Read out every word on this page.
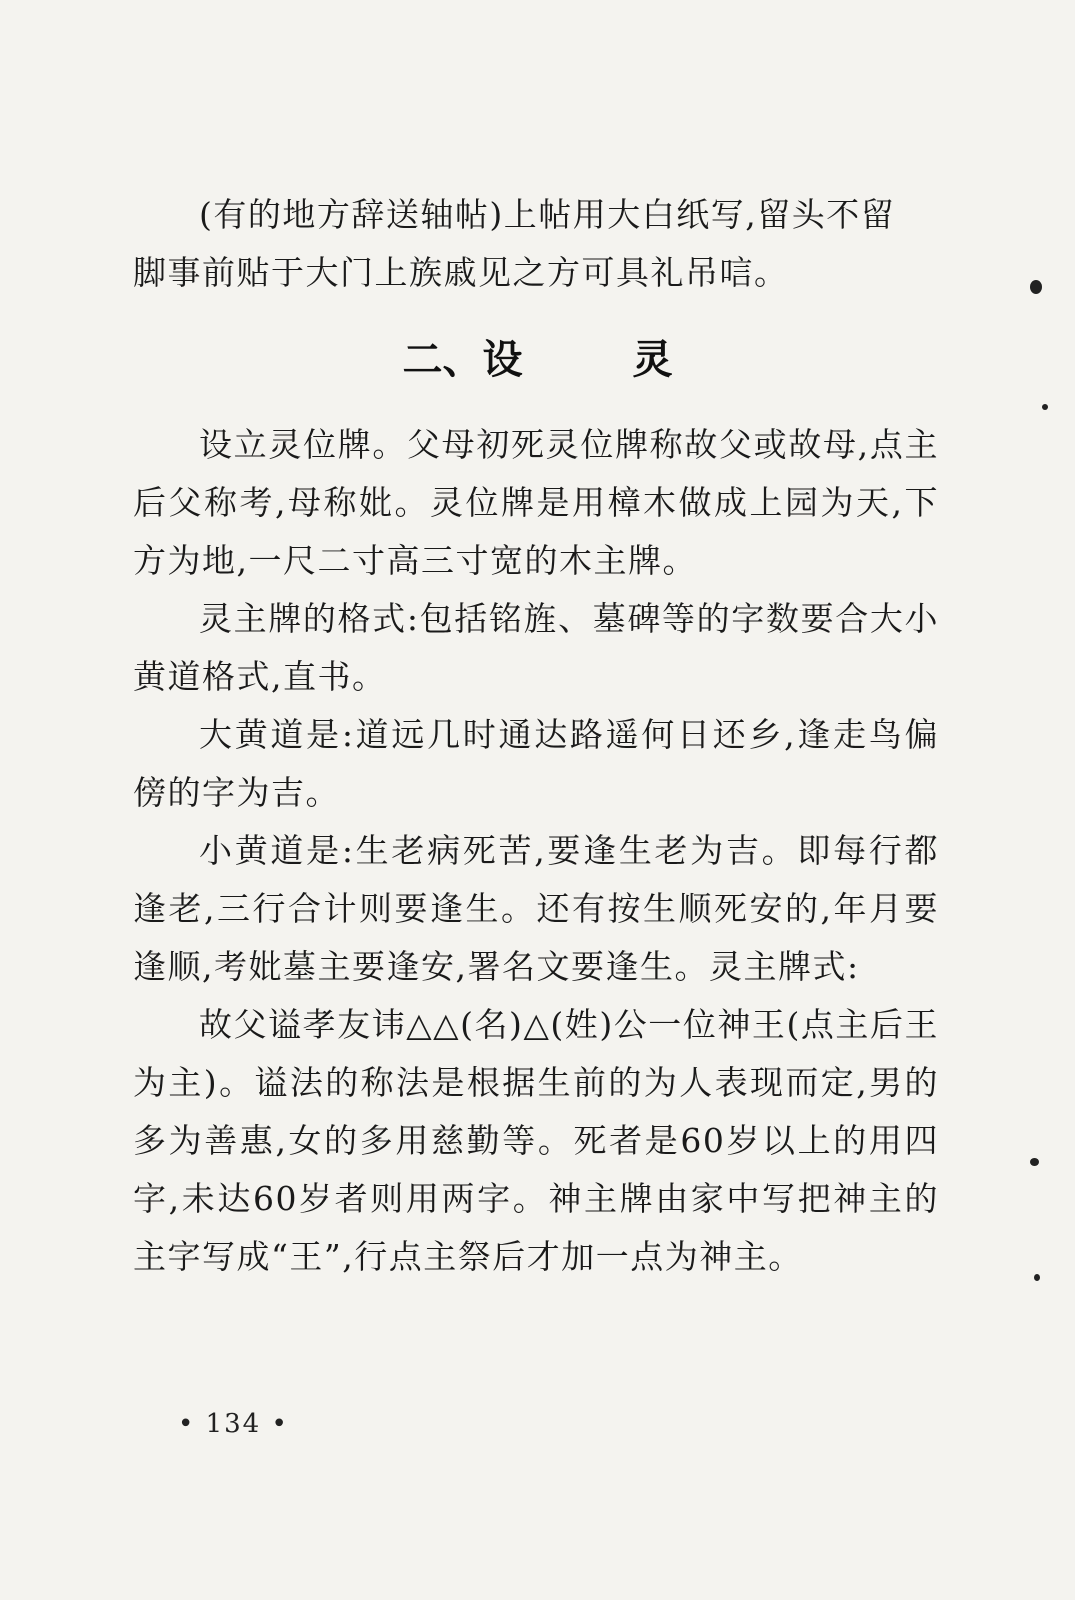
(有的地方辞送轴帖)上帖用大白纸写,留头不留
脚事前贴于大门上族戚见之方可具礼吊唁。
二、设	灵

设立灵位牌。父母初死灵位牌称故父或故母,点主后父称考,母称妣。灵位牌是用樟木做成上园为天,下方为地,一尺二寸高三寸宽的木主牌。

灵主牌的格式:包括铭旌、墓碑等的字数要合大小黄道格式,直书。

大黄道是:道远几时通达路遥何日还乡,逢走鸟偏傍的字为吉。

小黄道是:生老病死苦,要逢生老为吉。即每行都逢老,三行合计则要逢生。还有按生顺死安的,年月要逢顺,考妣墓主要逢安,署名文要逢生。灵主牌式:

故父谥孝友讳△△(名)△(姓)公一位神王(点主后王为主)。谥法的称法是根据生前的为人表现而定,男的多为善惠,女的多用慈勤等。死者是60岁以上的用四字,未达60岁者则用两字。神主牌由家中写把神主的主字写成“王”,行点主祭后才加一点为神主。

• 134 •
